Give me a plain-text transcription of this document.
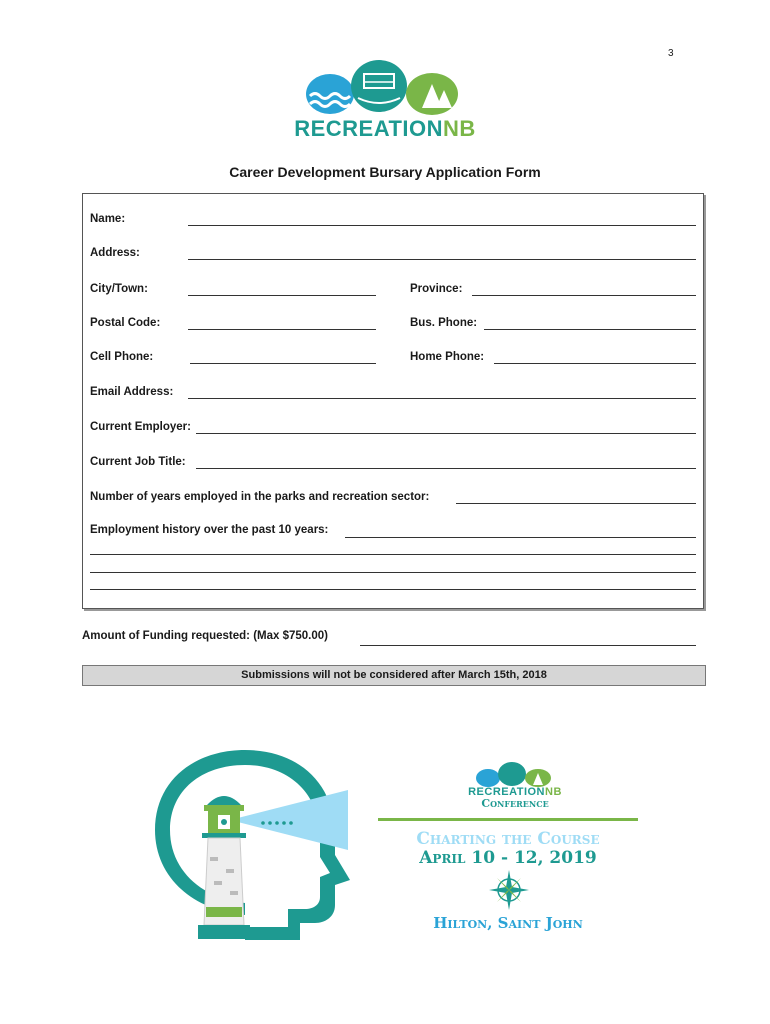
3
RECREATIONNB
Career Development Bursary Application Form
Name:
Address:
City/Town:	Province:
Postal Code:	Bus. Phone:
Cell Phone:	Home Phone:
Email Address:
Current Employer:
Current Job Title:
Number of years employed in the parks and recreation sector:
Employment history over the past 10 years:
Amount of Funding requested: (Max $750.00)
Submissions will not be considered after March 15th, 2018
RECREATIONNB
Conference
Charting the Course
April 10 - 12, 2019
Hilton, Saint John
